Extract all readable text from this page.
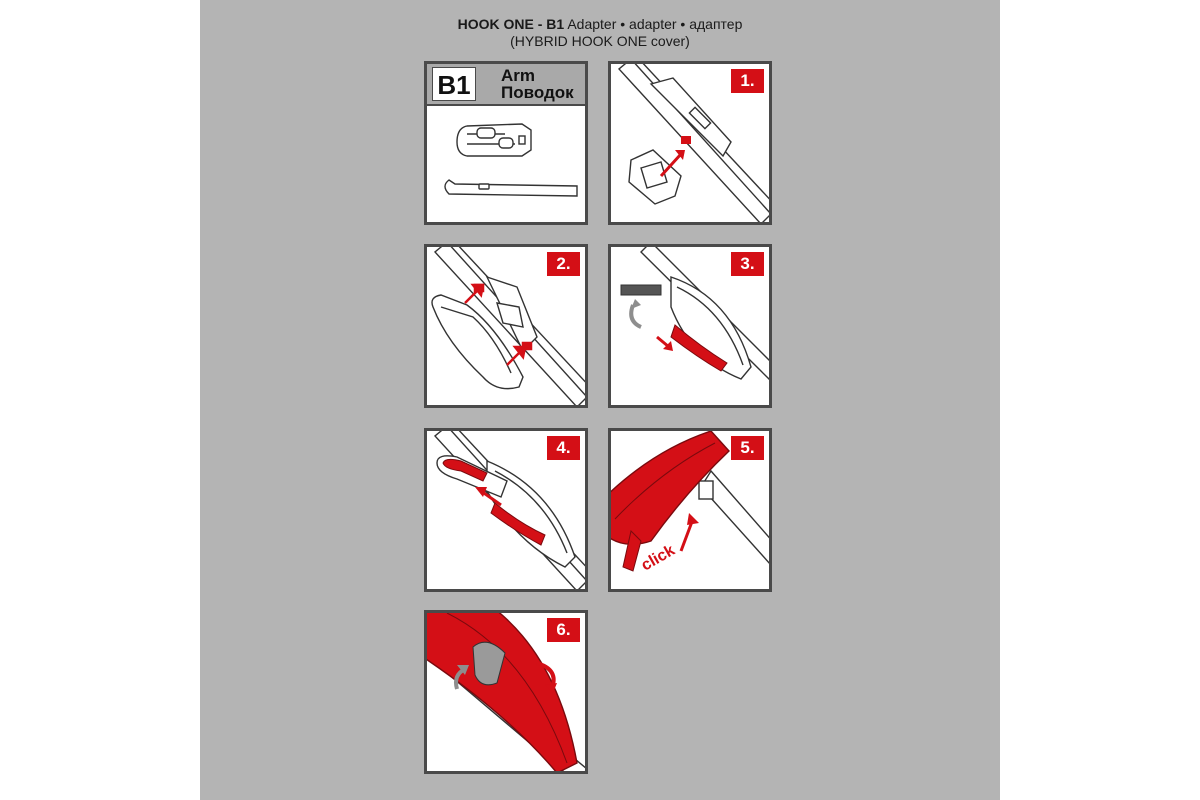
HOOK ONE - B1 Adapter • adapter • адаптер
(HYBRID HOOK ONE cover)
B1	Arm
Поводок
1.
2.	3.
4.
click
5.
6.
